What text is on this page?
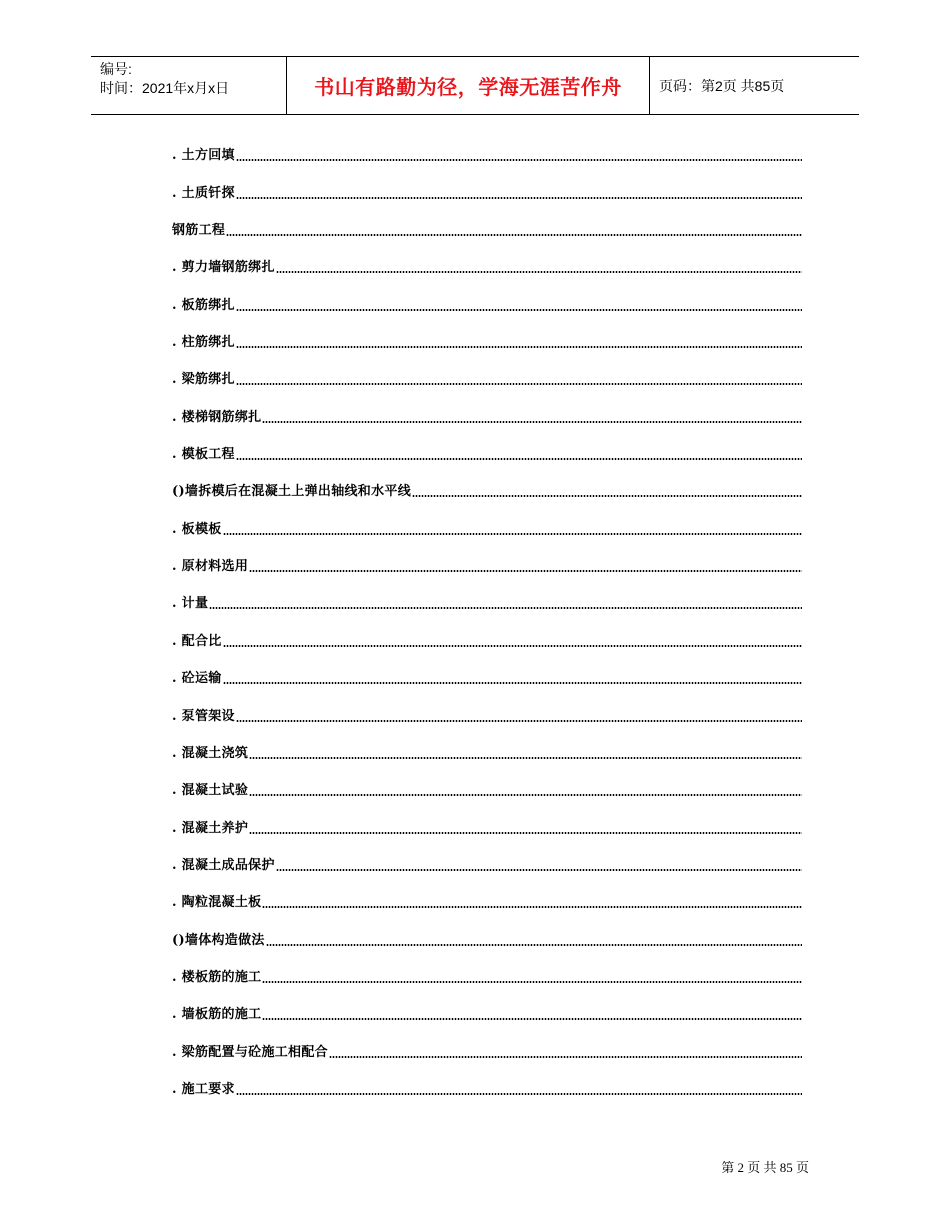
编号:
时间：2021年x月x日	书山有路勤为径，学海无涯苦作舟	页码：第2页 共85页
. 土方回填
. 土质钎探
钢筋工程
. 剪力墙钢筋绑扎
. 板筋绑扎
. 柱筋绑扎
. 梁筋绑扎
. 楼梯钢筋绑扎
. 模板工程
()墙拆模后在混凝土上弹出轴线和水平线
. 板模板
. 原材料选用
. 计量
. 配合比
. 砼运输
. 泵管架设
. 混凝土浇筑
. 混凝土试验
. 混凝土养护
. 混凝土成品保护
. 陶粒混凝土板
()墙体构造做法
. 楼板筋的施工
. 墙板筋的施工
. 梁筋配置与砼施工相配合
. 施工要求
第 2 页 共 85 页
